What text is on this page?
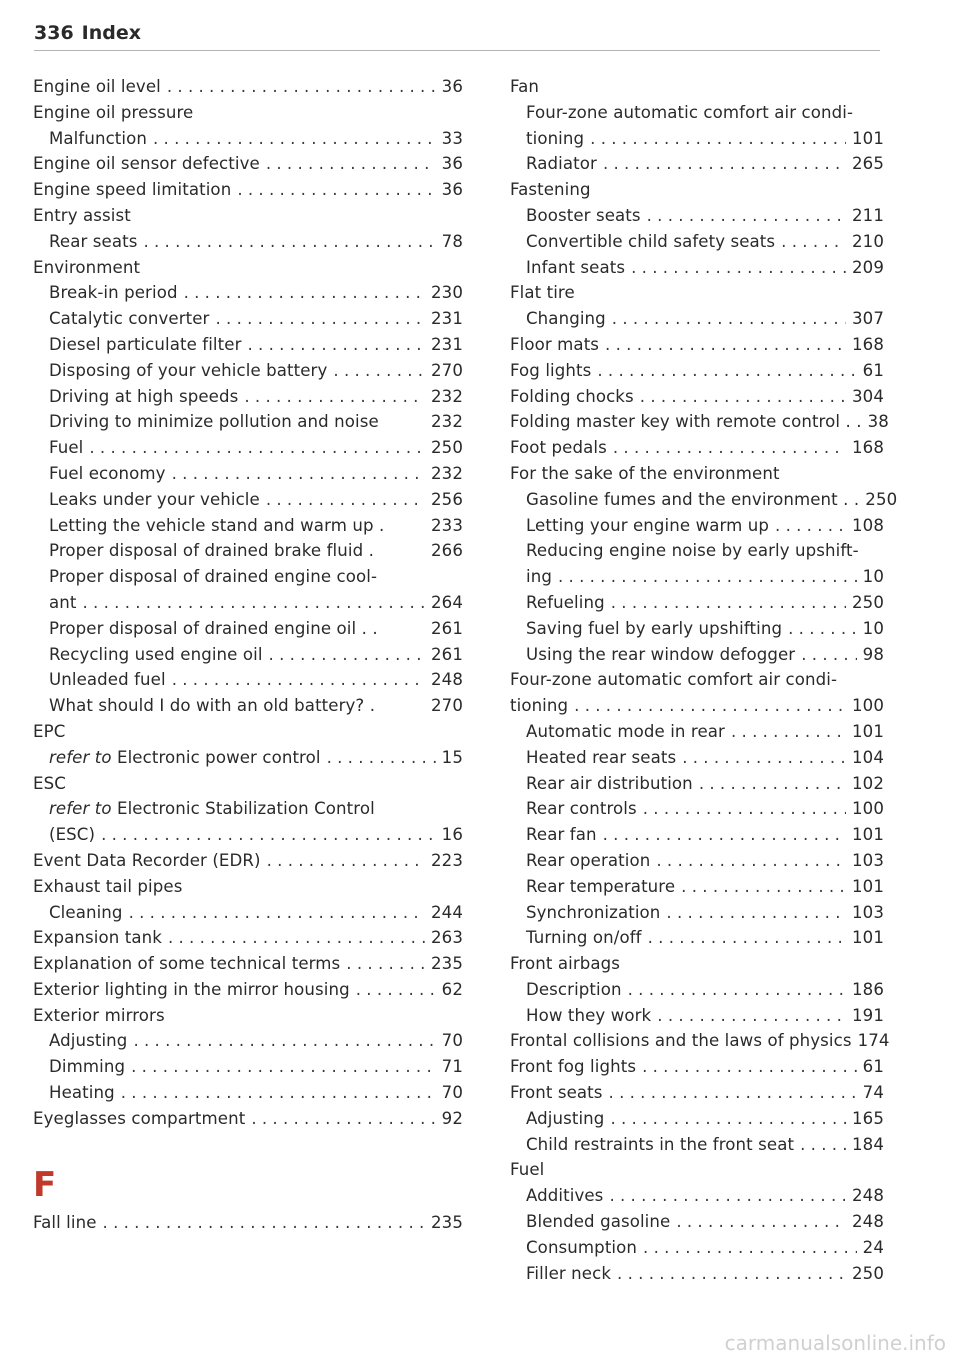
336 Index
Engine oil level . . .	36
Engine oil pressure
Malfunction . . .	33
Engine oil sensor defective . . .	36
Engine speed limitation . . .	36
Entry assist
Rear seats . . .	78
Environment
Break-in period . . .	230
Catalytic converter . . .	231
Diesel particulate filter . . .	231
Disposing of your vehicle battery . . .	270
Driving at high speeds . . .	232
Driving to minimize pollution and noise	232
Fuel . . .	250
Fuel economy . . .	232
Leaks under your vehicle . . .	256
Letting the vehicle stand and warm up .	233
Proper disposal of drained brake fluid .	266
Proper disposal of drained engine cool-
ant . . .	264
Proper disposal of drained engine oil . .	261
Recycling used engine oil . . .	261
Unleaded fuel . . .	248
What should I do with an old battery? .	270
EPC
refer to Electronic power control . . .	15
ESC
refer to Electronic Stabilization Control
(ESC) . . .	16
Event Data Recorder (EDR) . . .	223
Exhaust tail pipes
Cleaning . . .	244
Expansion tank . . .	263
Explanation of some technical terms . . .	235
Exterior lighting in the mirror housing . . .	62
Exterior mirrors
Adjusting . . .	70
Dimming . . .	71
Heating . . .	70
Eyeglasses compartment . . .	92
F
Fall line . . .	235
Fan
Four-zone automatic comfort air condi-
tioning . . .	101
Radiator . . .	265
Fastening
Booster seats . . .	211
Convertible child safety seats . . .	210
Infant seats . . .	209
Flat tire
Changing . . .	307
Floor mats . . .	168
Fog lights . . .	61
Folding chocks . . .	304
Folding master key with remote control . . 38
Foot pedals . . .	168
For the sake of the environment
Gasoline fumes and the environment . . 250
Letting your engine warm up . . .	108
Reducing engine noise by early upshift-
ing . . .	10
Refueling . . .	250
Saving fuel by early upshifting . . .	10
Using the rear window defogger . . .	98
Four-zone automatic comfort air condi-
tioning . . .	100
Automatic mode in rear . . .	101
Heated rear seats . . .	104
Rear air distribution . . .	102
Rear controls . . .	100
Rear fan . . .	101
Rear operation . . .	103
Rear temperature . . .	101
Synchronization . . .	103
Turning on/off . . .	101
Front airbags
Description . . .	186
How they work . . .	191
Frontal collisions and the laws of physics 174
Front fog lights . . .	61
Front seats . . .	74
Adjusting . . .	165
Child restraints in the front seat . . .	184
Fuel
Additives . . .	248
Blended gasoline . . .	248
Consumption . . .	24
Filler neck . . .	250
carmanualsonline.info
